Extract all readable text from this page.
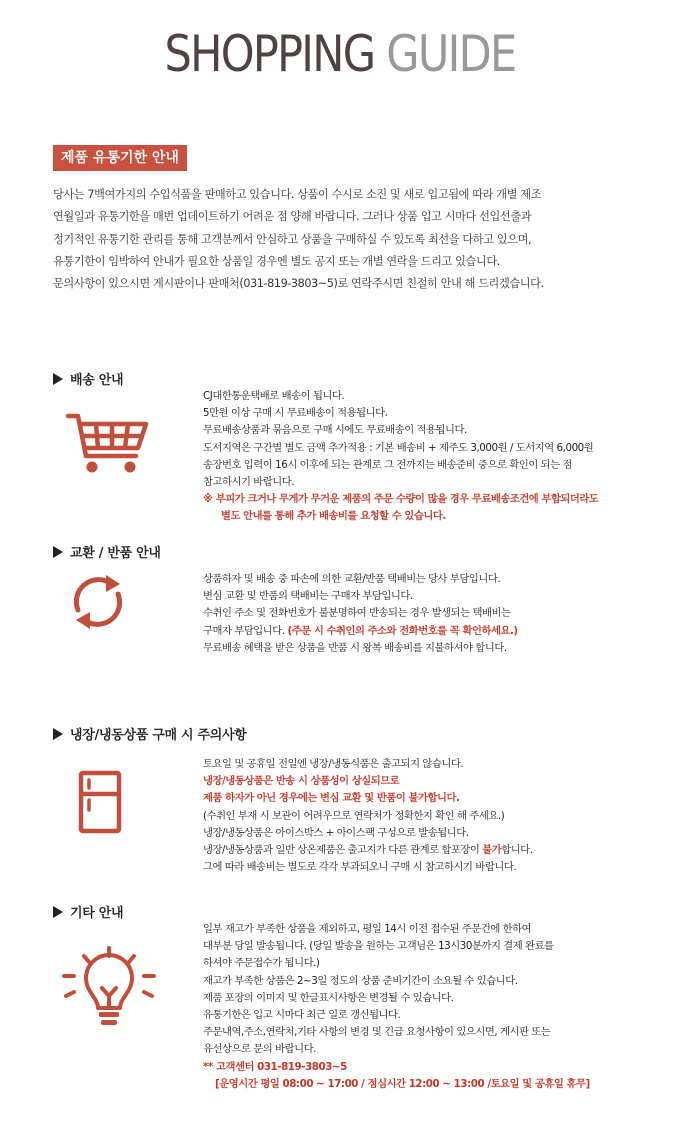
SHOPPING GUIDE
제품 유통기한 안내

당사는 7백여가지의 수입식품을 판매하고 있습니다. 상품이 수시로 소진 및 새로 입고됨에 따라 개별 제조

연월일과 유통기한을 매번 업데이트하기 어려운 점 양해 바랍니다. 그러나 상품 입고 시마다 선입선출과

정기적인 유통기한 관리를 통해 고객분께서 안심하고 상품을 구매하실 수 있도록 최선을 다하고 있으며,

유통기한이 임박하여 안내가 필요한 상품일 경우엔 별도 공지 또는 개별 연락을 드리고 있습니다.

문의사항이 있으시면 게시판이나 판매처(031-819-3803~5)로 연락주시면 친절히 안내 해 드리겠습니다.

배송 안내

CJ대한통운택배로 배송이 됩니다.

5만원 이상 구매 시 무료배송이 적용됩니다.

무료배송상품과 묶음으로 구매 시에도 무료배송이 적용됩니다.

도서지역은 구간별 별도 금액 추가적용 : 기본 배송비 + 제주도 3,000원 / 도서지역 6,000원

송장번호 입력이 16시 이후에 되는 관계로 그 전까지는 배송준비 중으로 확인이 되는 점

참고하시기 바랍니다.

※ 부피가 크거나 무게가 무거운 제품의 주문 수량이 많을 경우 무료배송조건에 부합되더라도

별도 안내를 통해 추가 배송비를 요청할 수 있습니다.

교환 / 반품 안내

상품하자 및 배송 중 파손에 의한 교환/반품 택배비는 당사 부담입니다.

변심 교환 및 반품의 택배비는 구매자 부담입니다.

수취인 주소 및 전화번호가 불분명하여 반송되는 경우 발생되는 택배비는

구매자 부담입니다. (주문 시 수취인의 주소와 전화번호를 꼭 확인하세요.)

무료배송 혜택을 받은 상품을 반품 시 왕복 배송비를 지불하셔야 합니다.

냉장/냉동상품 구매 시 주의사항

토요일 및 공휴일 전일엔 냉장/냉동식품은 출고되지 않습니다.

냉장/냉동상품은 반송 시 상품성이 상실되므로

제품 하자가 아닌 경우에는 변심 교환 및 반품이 불가합니다.

(수취인 부재 시 보관이 어려우므로 연락처가 정확한지 확인 해 주세요.)

냉장/냉동상품은 아이스박스 + 아이스팩 구성으로 발송됩니다.

냉장/냉동상품과 일반 상온제품은 출고지가 다른 관계로 합포장이 불가합니다.

그에 따라 배송비는 별도로 각각 부과되오니 구매 시 참고하시기 바랍니다.

기타 안내

일부 재고가 부족한 상품을 제외하고, 평일 14시 이전 접수된 주문건에 한하여

대부분 당일 발송됩니다. (당일 발송을 원하는 고객님은 13시30분까지 결제 완료를

하셔야 주문접수가 됩니다.)

재고가 부족한 상품은 2~3일 정도의 상품 준비기간이 소요될 수 있습니다.

제품 포장의 이미지 및 한글표시사항은 변경될 수 있습니다.

유통기한은 입고 시마다 최근 일로 갱신됩니다.

주문내역,주소,연락처,기타 사항의 변경 및 긴급 요청사항이 있으시면, 게시판 또는

유선상으로 문의 바랍니다.

** 고객센터 031-819-3803~5

[운영시간 평일 08:00 ~ 17:00 / 점심시간 12:00 ~ 13:00 /토요일 및 공휴일 휴무]
